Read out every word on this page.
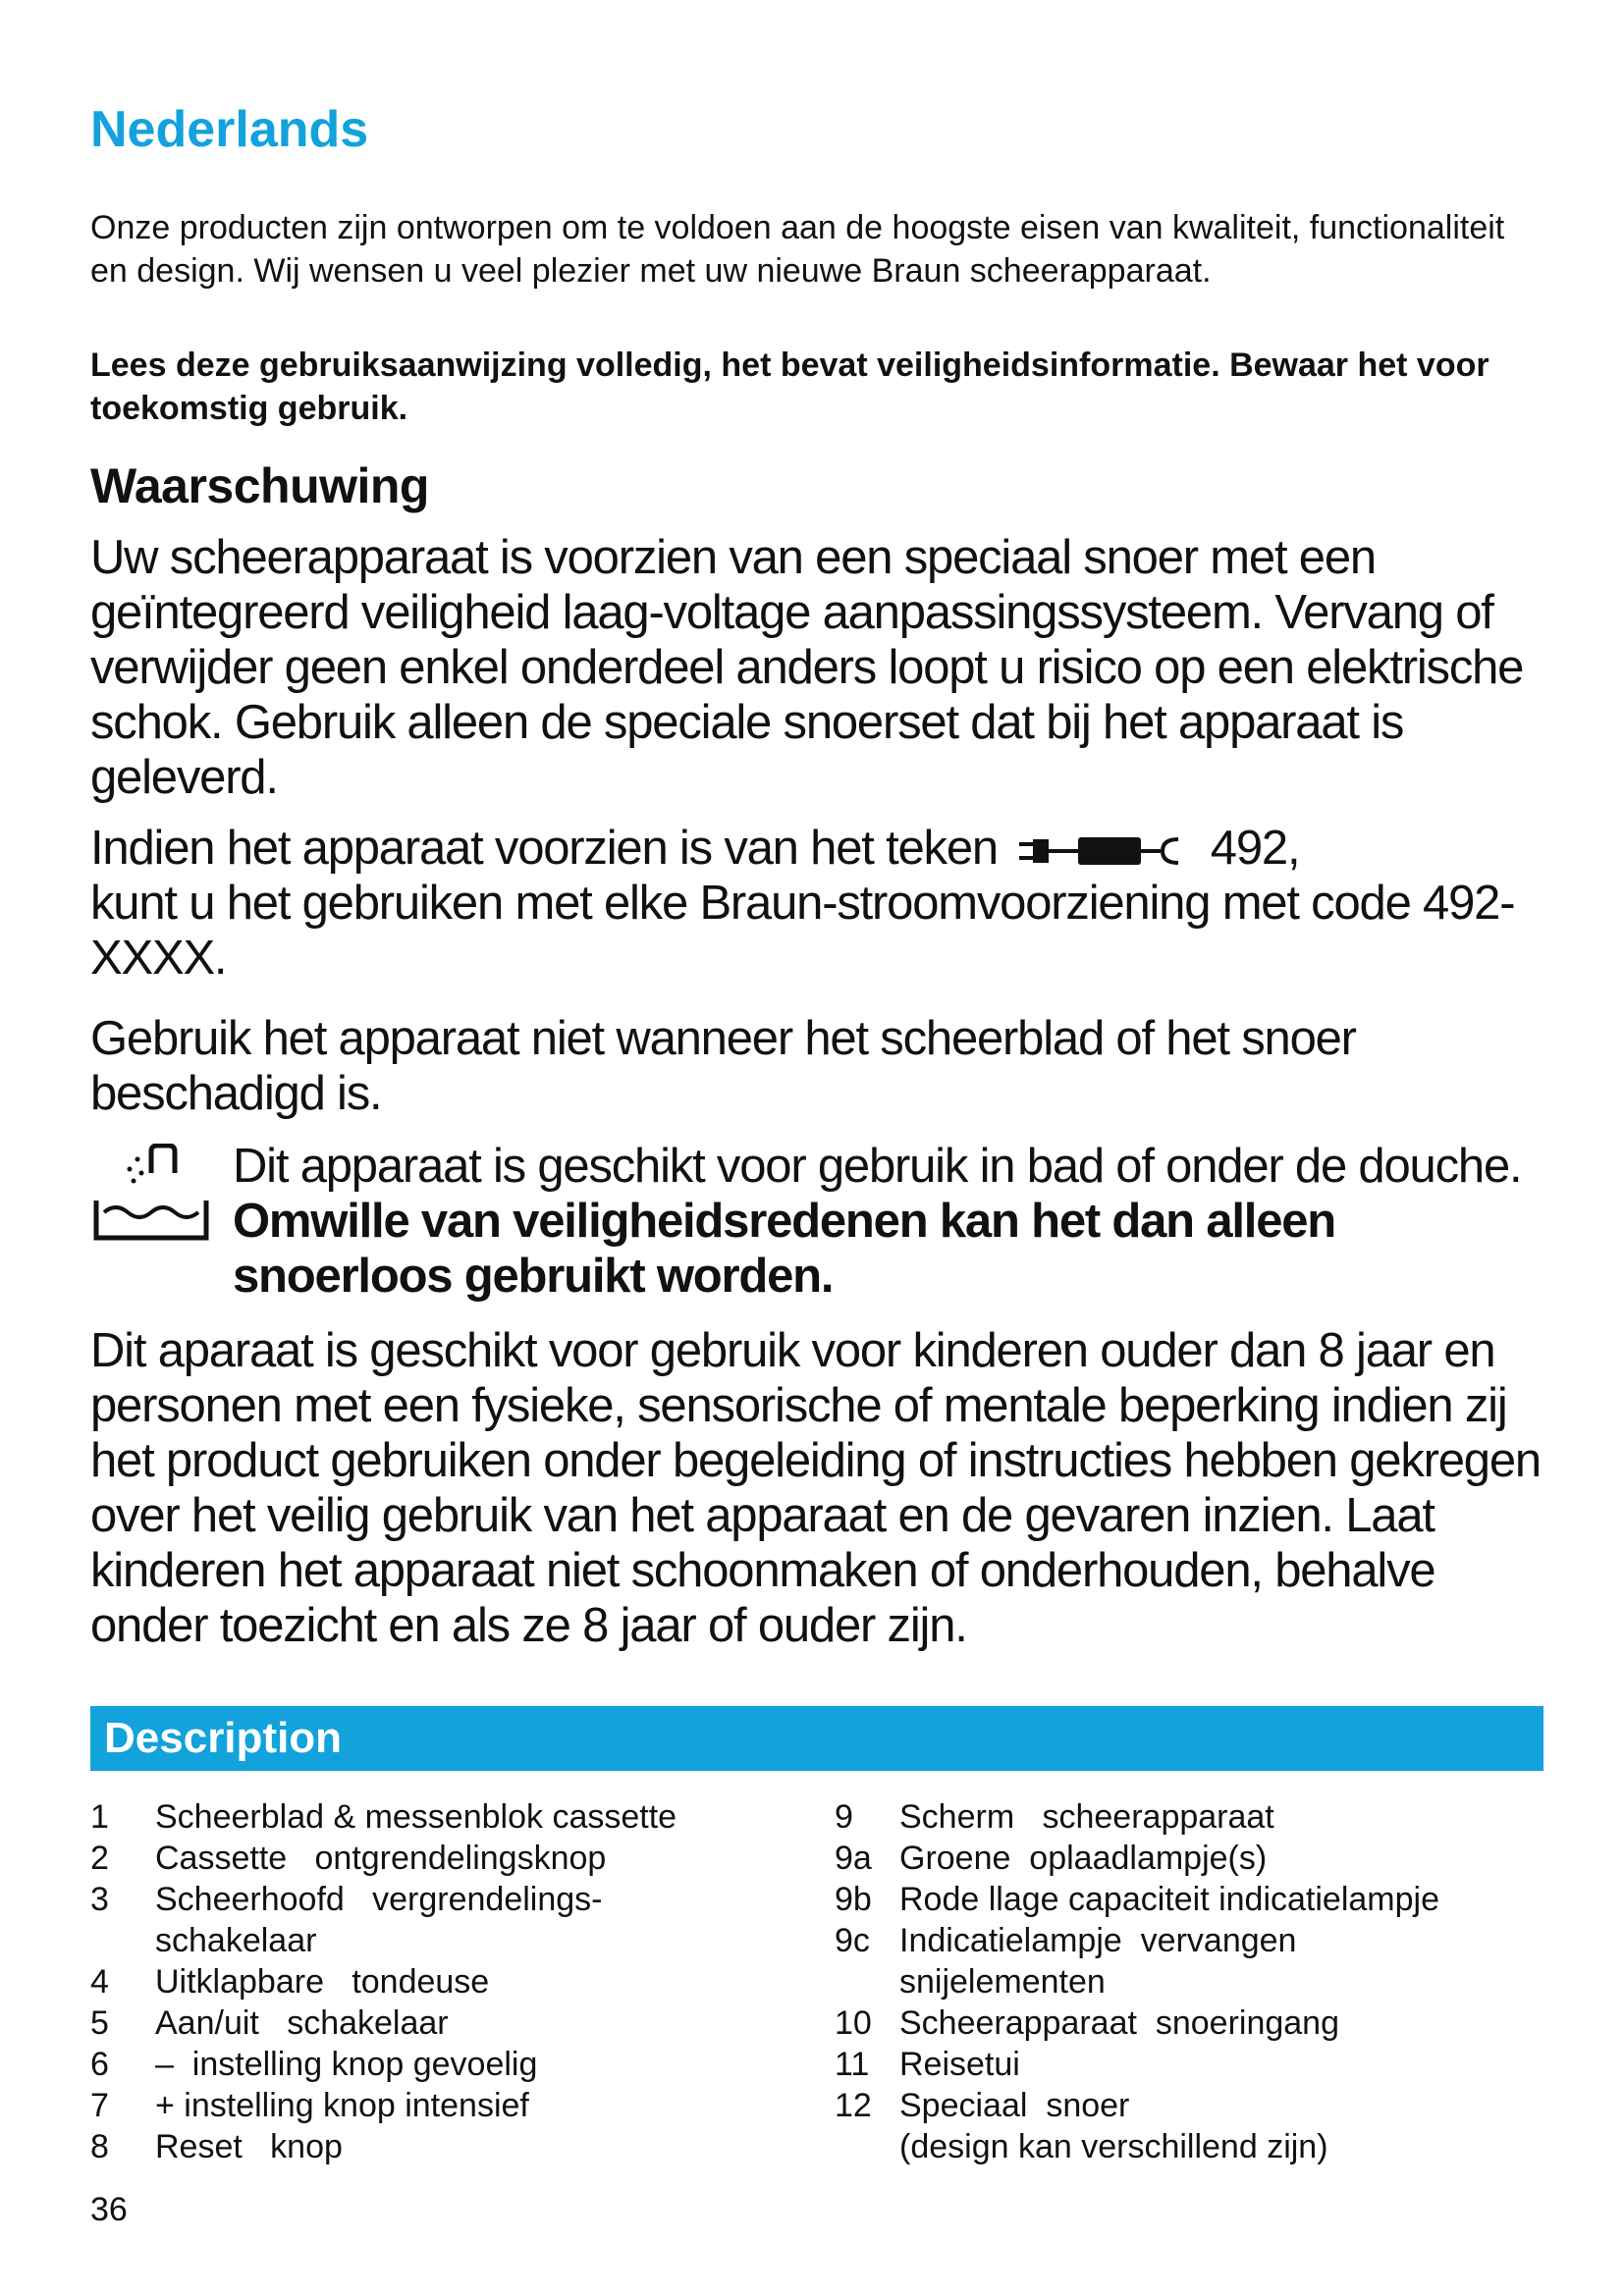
Nederlands

Onze producten zijn ontworpen om te voldoen aan de hoogste eisen van kwaliteit, functionaliteit en design. Wij wensen u veel plezier met uw nieuwe Braun scheerapparaat.

Lees deze gebruiksaanwijzing volledig, het bevat veiligheidsinformatie. Bewaar het voor toekomstig gebruik.

Waarschuwing

Uw scheerapparaat is voorzien van een speciaal snoer met een geïntegreerd veiligheid laag-voltage aanpassingssysteem. Vervang of verwijder geen enkel onderdeel anders loopt u risico op een elektrische schok. Gebruik alleen de speciale snoerset dat bij het apparaat is geleverd.

Indien het apparaat voorzien is van het teken	492,
kunt u het gebruiken met elke Braun-stroomvoorziening met code 492-XXXX.

Gebruik het apparaat niet wanneer het scheerblad of het snoer beschadigd is.

Dit apparaat is geschikt voor gebruik in bad of onder de douche. Omwille van veiligheidsredenen kan het dan alleen snoerloos gebruikt worden.

Dit aparaat is geschikt voor gebruik voor kinderen ouder dan 8 jaar en personen met een fysieke, sensorische of mentale beperking indien zij het product gebruiken onder begeleiding of instructies hebben gekregen over het veilig gebruik van het apparaat en de gevaren inzien. Laat kinderen het apparaat niet schoonmaken of onderhouden, behalve onder toezicht en als ze 8 jaar of ouder zijn.

Description
1	Scheerblad & messenblok cassette
2	Cassette   ontgrendelingsknop
3	Scheerhoofd   vergrendelings-
schakelaar
4	Uitklapbare   tondeuse
5	Aan/uit   schakelaar
6	–  instelling knop gevoelig
7	+ instelling knop intensief
8	Reset   knop
9	Scherm   scheerapparaat
9a Groene  oplaadlampje(s)
9b Rode llage capaciteit indicatielampje
9c Indicatielampje  vervangen
snijelementen
10 Scheerapparaat  snoeringang
11 Reisetui
12 Speciaal  snoer
(design kan verschillend zijn)

36
